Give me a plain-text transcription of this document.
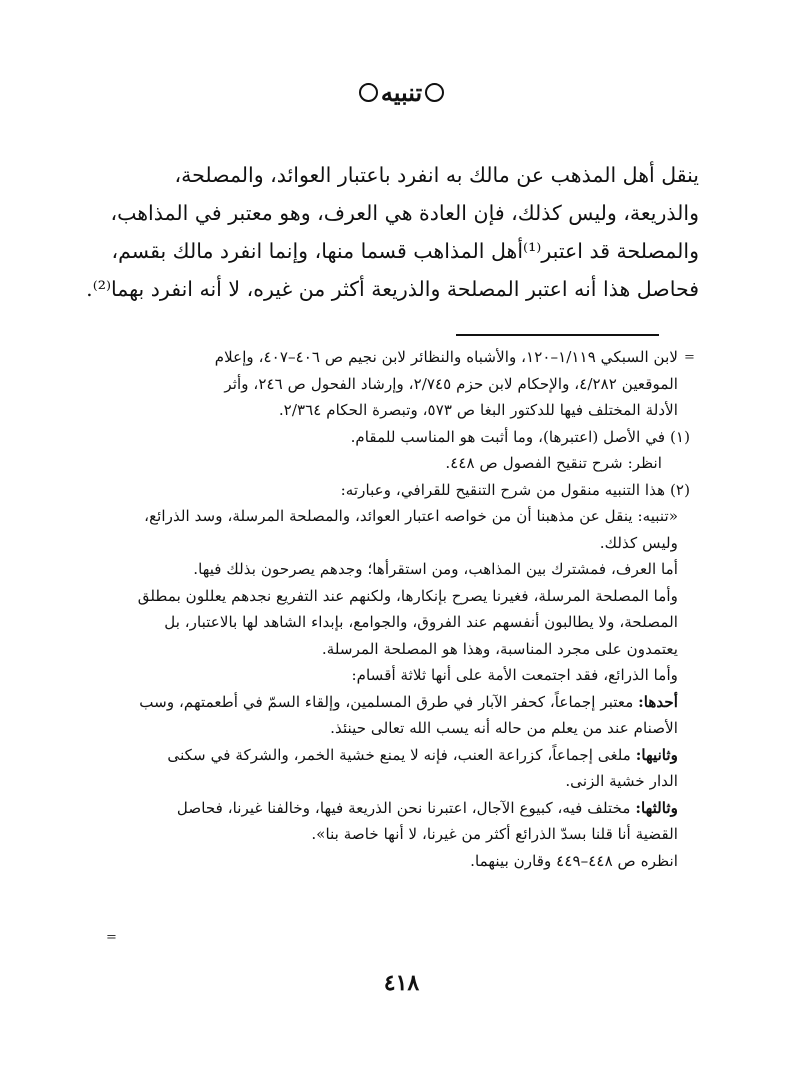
تنبيه
ينقل أهل المذهب عن مالك به انفرد باعتبار العوائد، والمصلحة،
والذريعة، وليس كذلك، فإن العادة هي العرف، وهو معتبر في المذاهب،
والمصلحة قد اعتبر⁽¹⁾أهل المذاهب قسما منها، وإنما انفرد مالك بقسم،
فحاصل هذا أنه اعتبر المصلحة والذريعة أكثر من غيره، لا أنه انفرد بهما⁽²⁾.
=
لابن السبكي ١/١١٩–١٢٠، والأشباه والنظائر لابن نجيم ص ٤٠٦–٤٠٧، وإعلام
الموقعين ٤/٢٨٢، والإحكام لابن حزم ٢/٧٤٥، وإرشاد الفحول ص ٢٤٦، وأثر
الأدلة المختلف فيها للدكتور البغا ص ٥٧٣، وتبصرة الحكام ٢/٣٦٤.
(١) في الأصل (اعتبرها)، وما أثبت هو المناسب للمقام.
انظر: شرح تنقيح الفصول ص ٤٤٨.
(٢) هذا التنبيه منقول من شرح التنقيح للقرافي، وعبارته:
«تنبيه: ينقل عن مذهبنا أن من خواصه اعتبار العوائد، والمصلحة المرسلة، وسد الذرائع،
وليس كذلك.
أما العرف، فمشترك بين المذاهب، ومن استقرأها؛ وجدهم يصرحون بذلك فيها.
وأما المصلحة المرسلة، فغيرنا يصرح بإنكارها، ولكنهم عند التفريع نجدهم يعللون بمطلق
المصلحة، ولا يطالبون أنفسهم عند الفروق، والجوامع، بإبداء الشاهد لها بالاعتبار، بل
يعتمدون على مجرد المناسبة، وهذا هو المصلحة المرسلة.
وأما الذرائع، فقد اجتمعت الأمة على أنها ثلاثة أقسام:
أحدها: معتبر إجماعاً، كحفر الآبار في طرق المسلمين، وإلقاء السمّ في أطعمتهم، وسب
الأصنام عند من يعلم من حاله أنه يسب الله تعالى حينئذ.
وثانيها: ملغى إجماعاً، كزراعة العنب، فإنه لا يمنع خشية الخمر، والشركة في سكنى
الدار خشية الزنى.
وثالثها: مختلف فيه، كبيوع الآجال، اعتبرنا نحن الذريعة فيها، وخالفنا غيرنا، فحاصل
القضية أنا قلنا بسدّ الذرائع أكثر من غيرنا، لا أنها خاصة بنا».
انظره ص ٤٤٨–٤٤٩ وقارن بينهما.
=
٤١٨
